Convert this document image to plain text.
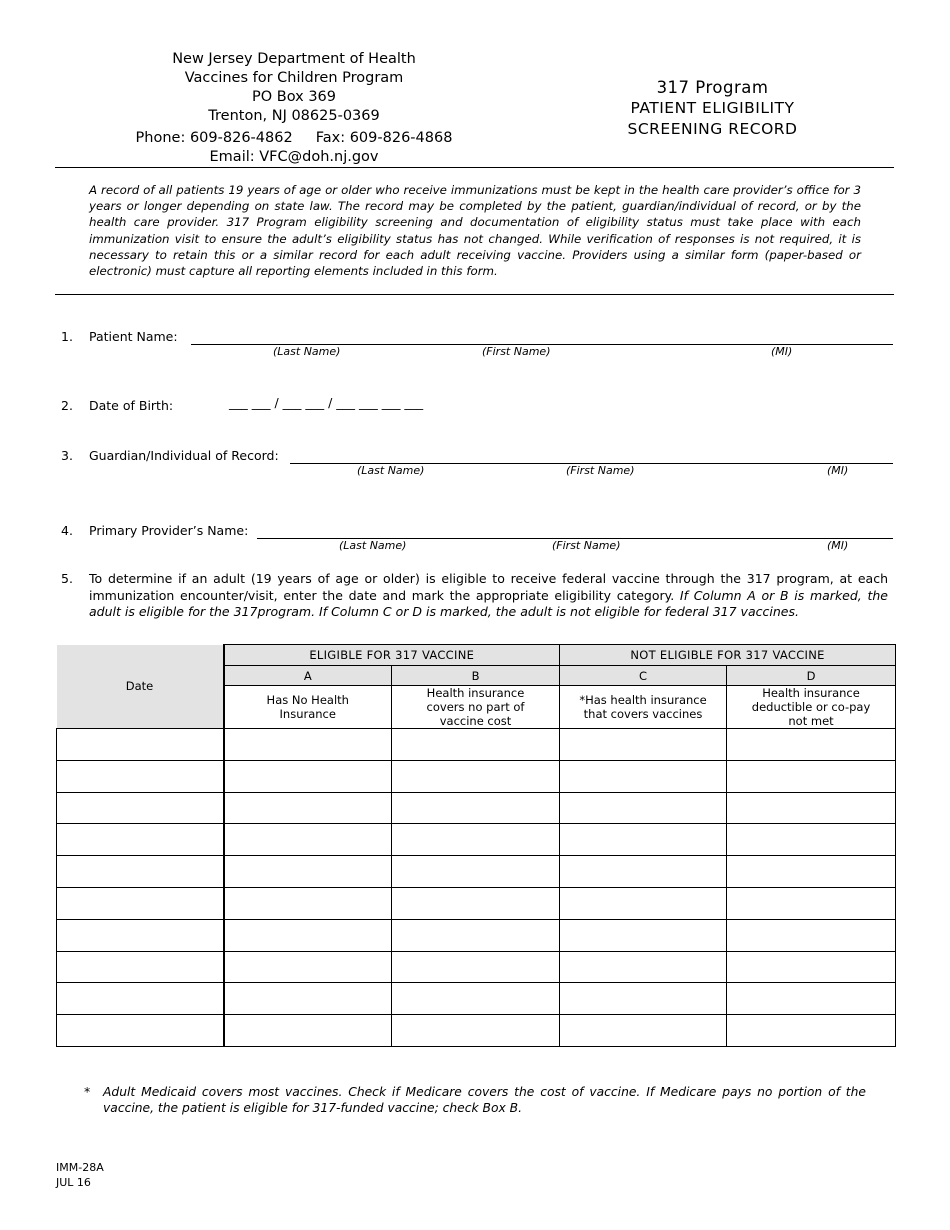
New Jersey Department of Health
Vaccines for Children Program
PO Box 369
Trenton, NJ 08625-0369
Phone: 609-826-4862 Fax: 609-826-4868
Email: VFC@doh.nj.gov
317 Program
PATIENT ELIGIBILITY
SCREENING RECORD
A record of all patients 19 years of age or older who receive immunizations must be kept in the health care provider’s office for 3 years or longer depending on state law. The record may be completed by the patient, guardian/individual of record, or by the health care provider. 317 Program eligibility screening and documentation of eligibility status must take place with each immunization visit to ensure the adult’s eligibility status has not changed. While verification of responses is not required, it is necessary to retain this or a similar record for each adult receiving vaccine. Providers using a similar form (paper-based or electronic) must capture all reporting elements included in this form.
1. Patient Name:
(Last Name)	(First Name)	(MI)
2. Date of Birth:	___ ___ / ___ ___ / ___ ___ ___ ___
3. Guardian/Individual of Record:
(Last Name)	(First Name)	(MI)
4. Primary Provider’s Name:
(Last Name)	(First Name)	(MI)
5. To determine if an adult (19 years of age or older) is eligible to receive federal vaccine through the 317 program, at each immunization encounter/visit, enter the date and mark the appropriate eligibility category. If Column A or B is marked, the adult is eligible for the 317program. If Column C or D is marked, the adult is not eligible for federal 317 vaccines.
Date	ELIGIBLE FOR 317 VACCINE		NOT ELIGIBLE FOR 317 VACCINE	
	A	B	C	D

	Has No Health Insurance	Health insurance covers no part of vaccine cost	*Has health insurance that covers vaccines	Health insurance deductible or co-pay not met

* Adult Medicaid covers most vaccines. Check if Medicare covers the cost of vaccine. If Medicare pays no portion of the vaccine, the patient is eligible for 317-funded vaccine; check Box B.
IMM-28A
JUL 16
